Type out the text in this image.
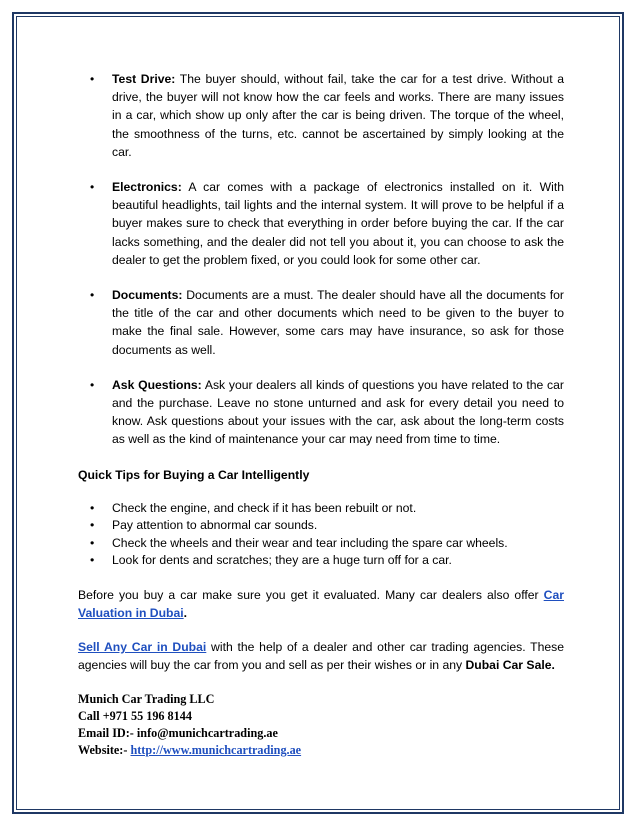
• Test Drive: The buyer should, without fail, take the car for a test drive. Without a drive, the buyer will not know how the car feels and works. There are many issues in a car, which show up only after the car is being driven. The torque of the wheel, the smoothness of the turns, etc. cannot be ascertained by simply looking at the car.
• Electronics: A car comes with a package of electronics installed on it. With beautiful headlights, tail lights and the internal system. It will prove to be helpful if a buyer makes sure to check that everything in order before buying the car. If the car lacks something, and the dealer did not tell you about it, you can choose to ask the dealer to get the problem fixed, or you could look for some other car.
• Documents: Documents are a must. The dealer should have all the documents for the title of the car and other documents which need to be given to the buyer to make the final sale. However, some cars may have insurance, so ask for those documents as well.
• Ask Questions: Ask your dealers all kinds of questions you have related to the car and the purchase. Leave no stone unturned and ask for every detail you need to know. Ask questions about your issues with the car, ask about the long-term costs as well as the kind of maintenance your car may need from time to time.
Quick Tips for Buying a Car Intelligently
• Check the engine, and check if it has been rebuilt or not.
• Pay attention to abnormal car sounds.
• Check the wheels and their wear and tear including the spare car wheels.
• Look for dents and scratches; they are a huge turn off for a car.

Before you buy a car make sure you get it evaluated. Many car dealers also offer Car Valuation in Dubai.

Sell Any Car in Dubai with the help of a dealer and other car trading agencies. These agencies will buy the car from you and sell as per their wishes or in any Dubai Car Sale.

Munich Car Trading LLC
Call +971 55 196 8144
Email ID:- info@munichcartrading.ae
Website:- http://www.munichcartrading.ae
